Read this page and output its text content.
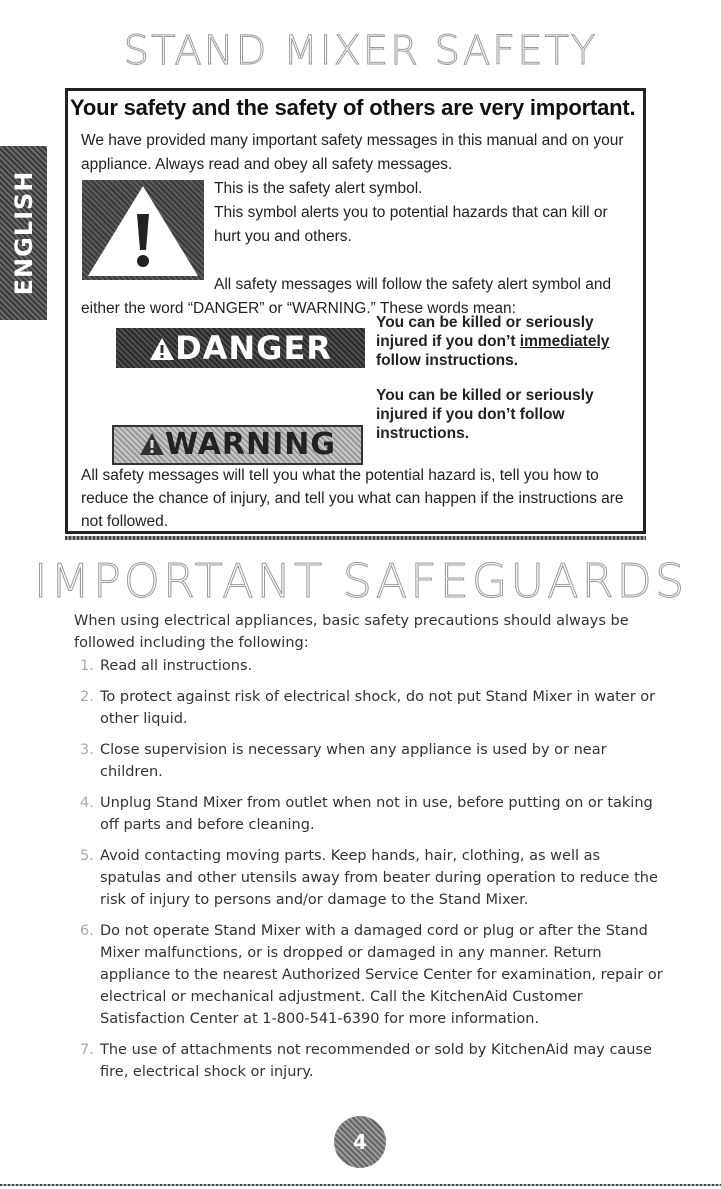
STAND MIXER SAFETY
ENGLISH
Your safety and the safety of others are very important.
We have provided many important safety messages in this manual and on your appliance. Always read and obey all safety messages.

This is the safety alert symbol.

This symbol alerts you to potential hazards that can kill or hurt you and others.

All safety messages will follow the safety alert symbol and
either the word “DANGER” or “WARNING.” These words mean:
DANGER
You can be killed or seriously injured if you don’t immediately follow instructions.
WARNING
You can be killed or seriously injured if you don’t follow instructions.
All safety messages will tell you what the potential hazard is, tell you how to reduce the chance of injury, and tell you what can happen if the instructions are not followed.
IMPORTANT SAFEGUARDS
When using electrical appliances, basic safety precautions should always be followed including the following:
1. Read all instructions.
2. To protect against risk of electrical shock, do not put Stand Mixer in water or other liquid.
3. Close supervision is necessary when any appliance is used by or near children.
4. Unplug Stand Mixer from outlet when not in use, before putting on or taking off parts and before cleaning.
5. Avoid contacting moving parts. Keep hands, hair, clothing, as well as spatulas and other utensils away from beater during operation to reduce the risk of injury to persons and/or damage to the Stand Mixer.
6. Do not operate Stand Mixer with a damaged cord or plug or after the Stand Mixer malfunctions, or is dropped or damaged in any manner. Return appliance to the nearest Authorized Service Center for examination, repair or electrical or mechanical adjustment. Call the KitchenAid Customer Satisfaction Center at 1-800-541-6390 for more information.
7. The use of attachments not recommended or sold by KitchenAid may cause fire, electrical shock or injury.
4
